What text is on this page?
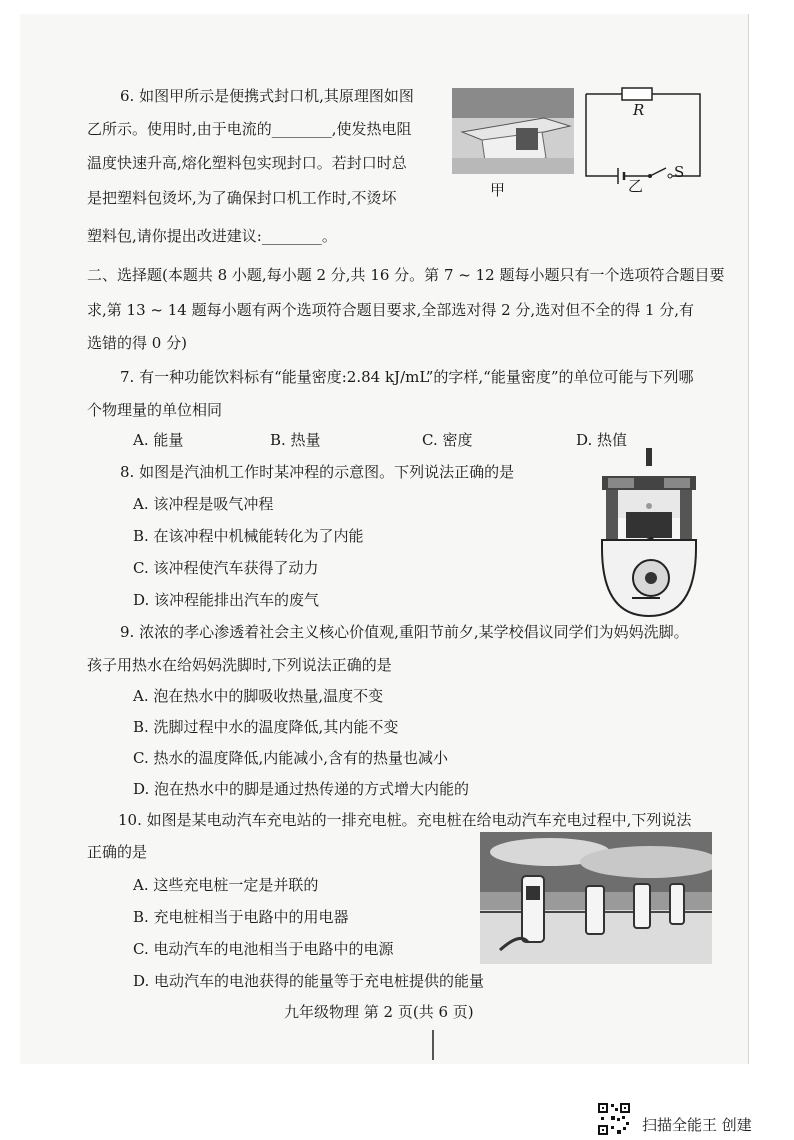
6. 如图甲所示是便携式封口机,其原理图如图
乙所示。使用时,由于电流的________,使发热电阻
温度快速升高,熔化塑料包实现封口。若封口时总
是把塑料包烫坏,为了确保封口机工作时,不烫坏
塑料包,请你提出改进建议:________。
甲
R
S
乙
二、选择题(本题共 8 小题,每小题 2 分,共 16 分。第 7 ~ 12 题每小题只有一个选项符合题目要
求,第 13 ~ 14 题每小题有两个选项符合题目要求,全部选对得 2 分,选对但不全的得 1 分,有
选错的得 0 分)
7. 有一种功能饮料标有“能量密度:2.84 kJ/mL”的字样,“能量密度”的单位可能与下列哪
个物理量的单位相同
A. 能量	B. 热量	C. 密度	D. 热值
8. 如图是汽油机工作时某冲程的示意图。下列说法正确的是
A. 该冲程是吸气冲程
B. 在该冲程中机械能转化为了内能
C. 该冲程使汽车获得了动力
D. 该冲程能排出汽车的废气
9. 浓浓的孝心渗透着社会主义核心价值观,重阳节前夕,某学校倡议同学们为妈妈洗脚。
孩子用热水在给妈妈洗脚时,下列说法正确的是
A. 泡在热水中的脚吸收热量,温度不变
B. 洗脚过程中水的温度降低,其内能不变
C. 热水的温度降低,内能减小,含有的热量也减小
D. 泡在热水中的脚是通过热传递的方式增大内能的
10. 如图是某电动汽车充电站的一排充电桩。充电桩在给电动汽车充电过程中,下列说法
正确的是
A. 这些充电桩一定是并联的
B. 充电桩相当于电路中的用电器
C. 电动汽车的电池相当于电路中的电源
D. 电动汽车的电池获得的能量等于充电桩提供的能量
九年级物理 第 2 页(共 6 页)
扫描全能王 创建
